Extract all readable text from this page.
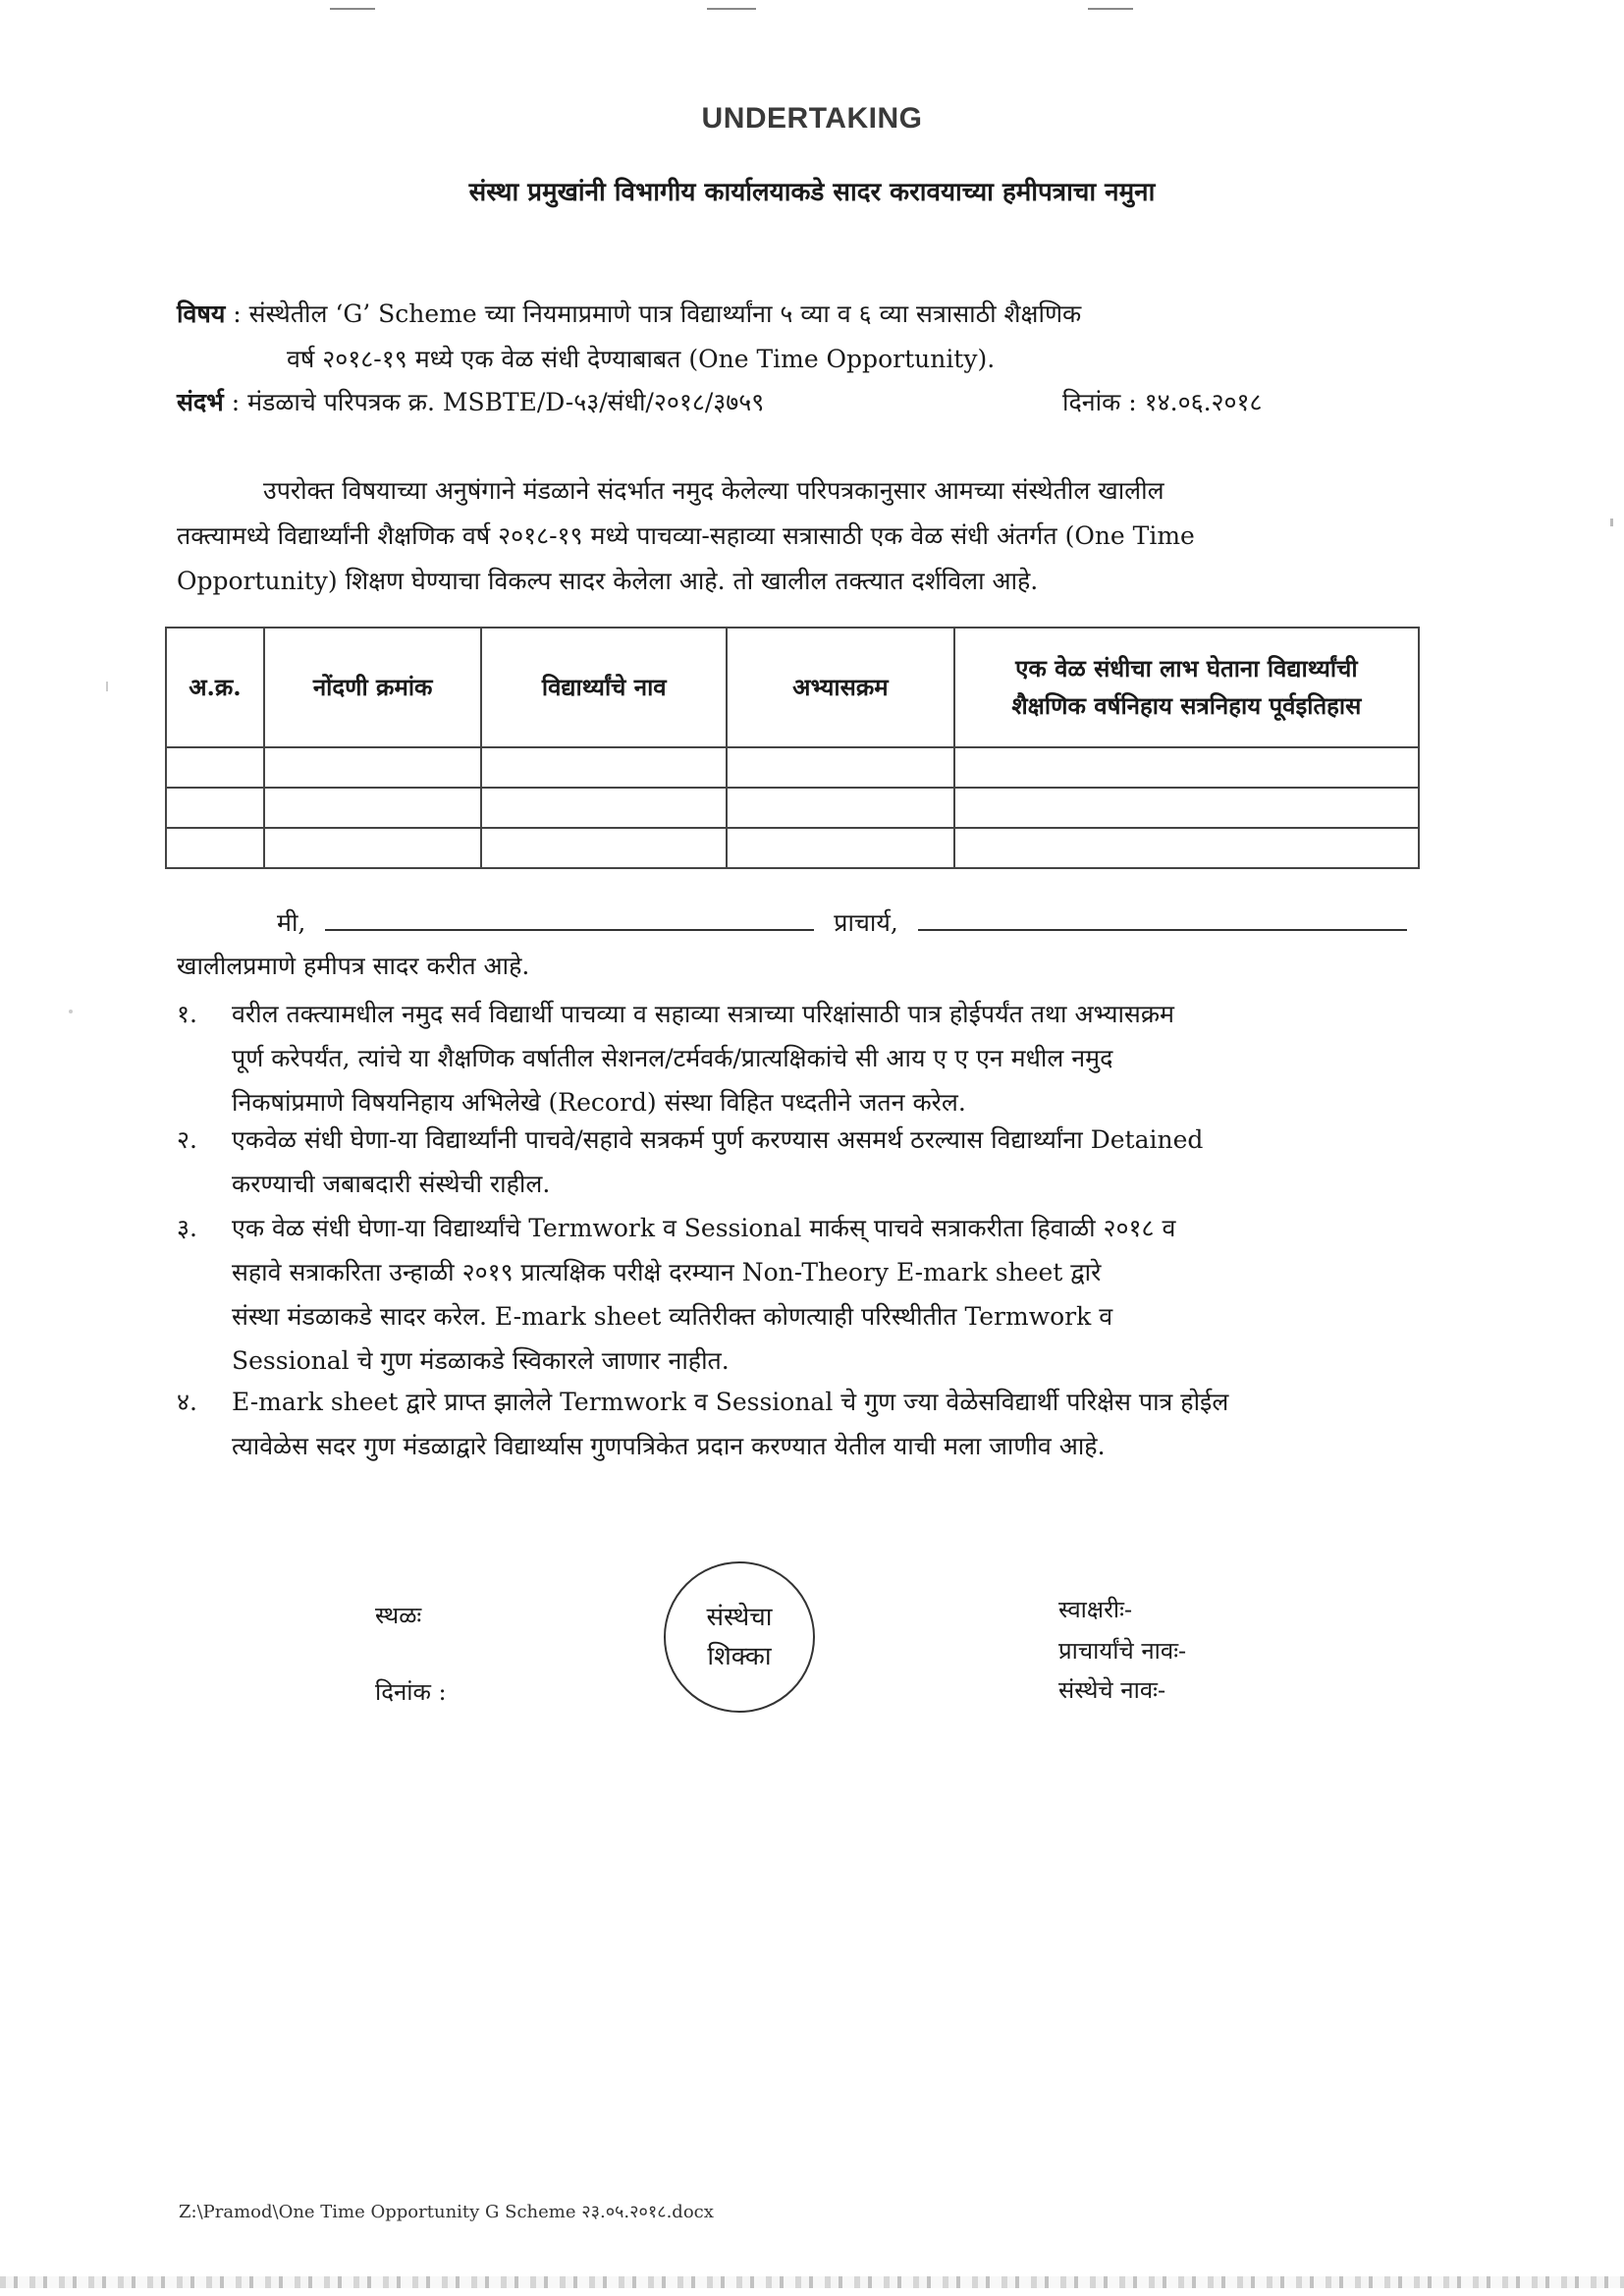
UNDERTAKING
संस्था प्रमुखांनी विभागीय कार्यालयाकडे सादर करावयाच्या हमीपत्राचा नमुना
विषय : संस्थेतील ‘G’ Scheme च्या नियमाप्रमाणे पात्र विद्यार्थ्यांना ५ व्या व ६ व्या सत्रासाठी शैक्षणिक
वर्ष २०१८-१९ मध्ये एक वेळ संधी देण्याबाबत (One Time Opportunity).
संदर्भ : मंडळाचे परिपत्रक क्र. MSBTE/D-५३/संधी/२०१८/३७५९	दिनांक : १४.०६.२०१८
उपरोक्त विषयाच्या अनुषंगाने मंडळाने संदर्भात नमुद केलेल्या परिपत्रकानुसार आमच्या संस्थेतील खालील
तक्त्यामध्ये विद्यार्थ्यांनी शैक्षणिक वर्ष २०१८-१९ मध्ये पाचव्या-सहाव्या सत्रासाठी एक वेळ संधी अंतर्गत (One Time
Opportunity) शिक्षण घेण्याचा विकल्प सादर केलेला आहे. तो खालील तक्त्यात दर्शविला आहे.
अ.क्र.	नोंदणी क्रमांक	विद्यार्थ्यांचे नाव	अभ्यासक्रम	एक वेळ संधीचा लाभ घेताना विद्यार्थ्यांची शैक्षणिक वर्षनिहाय सत्रनिहाय पूर्वइतिहास

मी,	प्राचार्य,
खालीलप्रमाणे हमीपत्र सादर करीत आहे.
१. वरील तक्त्यामधील नमुद सर्व विद्यार्थी पाचव्या व सहाव्या सत्राच्या परिक्षांसाठी पात्र होईपर्यंत तथा अभ्यासक्रम
पूर्ण करेपर्यंत, त्यांचे या शैक्षणिक वर्षातील सेशनल/टर्मवर्क/प्रात्यक्षिकांचे सी आय ए ए एन मधील नमुद
निकषांप्रमाणे विषयनिहाय अभिलेखे (Record) संस्था विहित पध्दतीने जतन करेल.
२. एकवेळ संधी घेणा-या विद्यार्थ्यांनी पाचवे/सहावे सत्रकर्म पुर्ण करण्यास असमर्थ ठरल्यास विद्यार्थ्यांना Detained
करण्याची जबाबदारी संस्थेची राहील.
३. एक वेळ संधी घेणा-या विद्यार्थ्यांचे Termwork व Sessional मार्कस् पाचवे सत्राकरीता हिवाळी २०१८ व
सहावे सत्राकरिता उन्हाळी २०१९ प्रात्यक्षिक परीक्षे दरम्यान Non-Theory E-mark sheet द्वारे
संस्था मंडळाकडे सादर करेल. E-mark sheet व्यतिरीक्त कोणत्याही परिस्थीतीत Termwork व
Sessional चे गुण मंडळाकडे स्विकारले जाणार नाहीत.
४. E-mark sheet द्वारे प्राप्त झालेले Termwork व Sessional चे गुण ज्या वेळेसविद्यार्थी परिक्षेस पात्र होईल
त्यावेळेस सदर गुण मंडळाद्वारे विद्यार्थ्यास गुणपत्रिकेत प्रदान करण्यात येतील याची मला जाणीव आहे.
स्थळः
दिनांक :
संस्थेचा
शिक्का
स्वाक्षरीः-
प्राचार्यांचे नावः-
संस्थेचे नावः-
Z:\Pramod\One Time Opportunity G Scheme २३.०५.२०१८.docx
